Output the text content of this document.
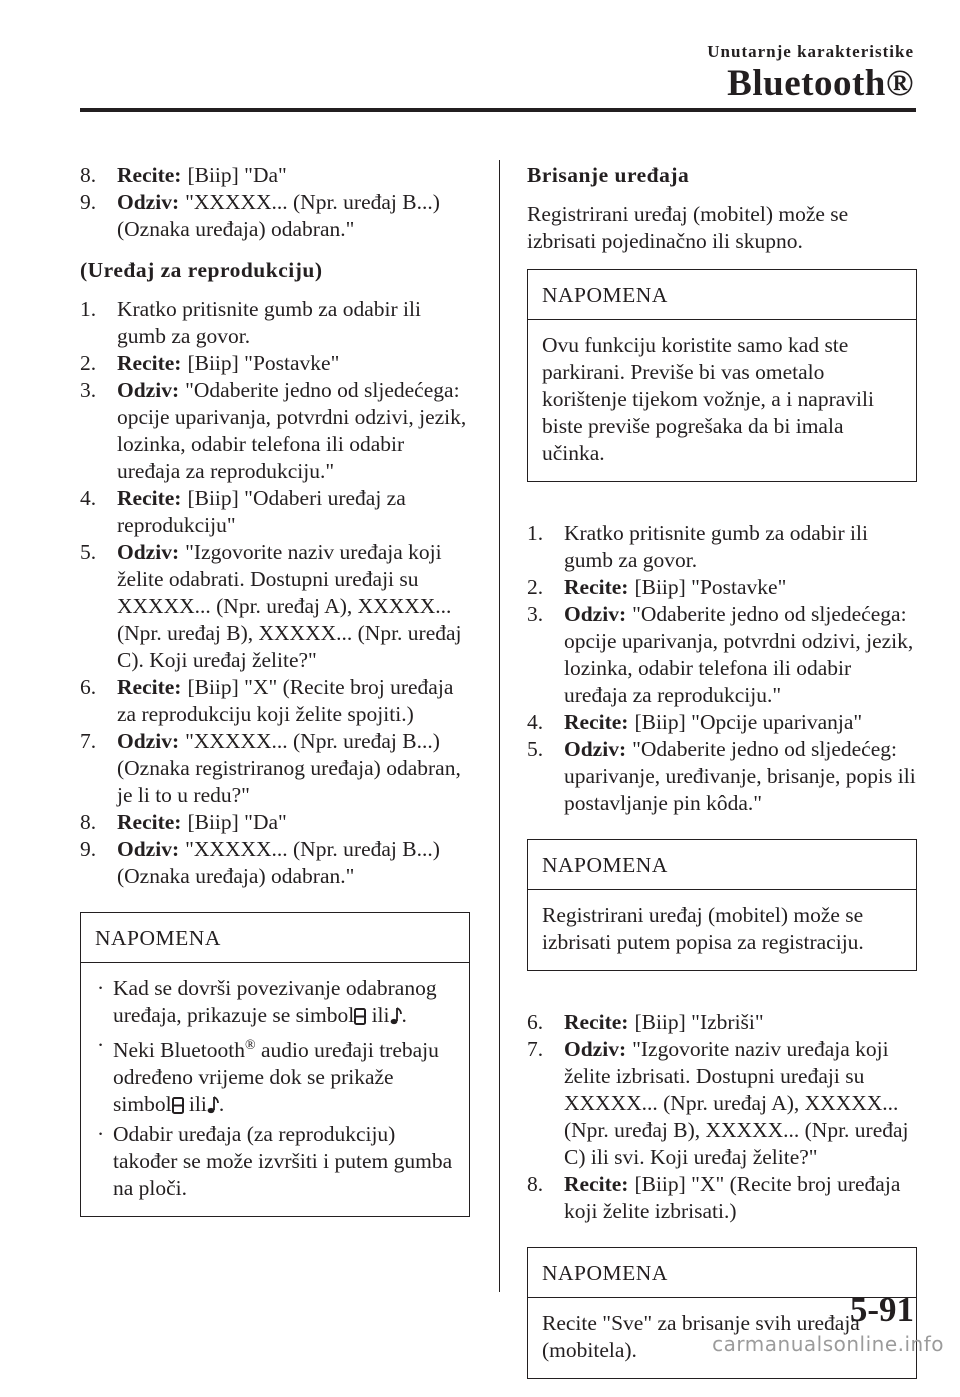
Unutarnje karakteristike
Bluetooth®
8. Recite: [Biip] "Da"
9. Odziv: "XXXXX... (Npr. uređaj B...) (Oznaka uređaja) odabran."
(Uređaj za reprodukciju)
1. Kratko pritisnite gumb za odabir ili gumb za govor.
2. Recite: [Biip] "Postavke"
3. Odziv: "Odaberite jedno od sljedećega: opcije uparivanja, potvrdni odzivi, jezik, lozinka, odabir telefona ili odabir uređaja za reprodukciju."
4. Recite: [Biip] "Odaberi uređaj za reprodukciju"
5. Odziv: "Izgovorite naziv uređaja koji želite odabrati. Dostupni uređaji su XXXXX... (Npr. uređaj A), XXXXX... (Npr. uređaj B), XXXXX... (Npr. uređaj C). Koji uređaj želite?"
6. Recite: [Biip] "X" (Recite broj uređaja za reprodukciju koji želite spojiti.)
7. Odziv: "XXXXX... (Npr. uređaj B...) (Oznaka registriranog uređaja) odabran, je li to u redu?"
8. Recite: [Biip] "Da"
9. Odziv: "XXXXX... (Npr. uređaj B...) (Oznaka uređaja) odabran."
NAPOMENA
· Kad se dovrši povezivanje odabranog uređaja, prikazuje se simbol ili .
· Neki Bluetooth® audio uređaji trebaju određeno vrijeme dok se prikaže simbol ili .
· Odabir uređaja (za reprodukciju) također se može izvršiti i putem gumba na ploči.
Brisanje uređaja
Registrirani uređaj (mobitel) može se izbrisati pojedinačno ili skupno.
NAPOMENA
Ovu funkciju koristite samo kad ste parkirani. Previše bi vas ometalo korištenje tijekom vožnje, a i napravili biste previše pogrešaka da bi imala učinka.
1. Kratko pritisnite gumb za odabir ili gumb za govor.
2. Recite: [Biip] "Postavke"
3. Odziv: "Odaberite jedno od sljedećega: opcije uparivanja, potvrdni odzivi, jezik, lozinka, odabir telefona ili odabir uređaja za reprodukciju."
4. Recite: [Biip] "Opcije uparivanja"
5. Odziv: "Odaberite jedno od sljedećeg: uparivanje, uređivanje, brisanje, popis ili postavljanje pin kôda."
NAPOMENA
Registrirani uređaj (mobitel) može se izbrisati putem popisa za registraciju.
6. Recite: [Biip] "Izbriši"
7. Odziv: "Izgovorite naziv uređaja koji želite izbrisati. Dostupni uređaji su XXXXX... (Npr. uređaj A), XXXXX... (Npr. uređaj B), XXXXX... (Npr. uređaj C) ili svi. Koji uređaj želite?"
8. Recite: [Biip] "X" (Recite broj uređaja koji želite izbrisati.)
NAPOMENA
Recite "Sve" za brisanje svih uređaja (mobitela).
5-91
carmanualsonline.info
